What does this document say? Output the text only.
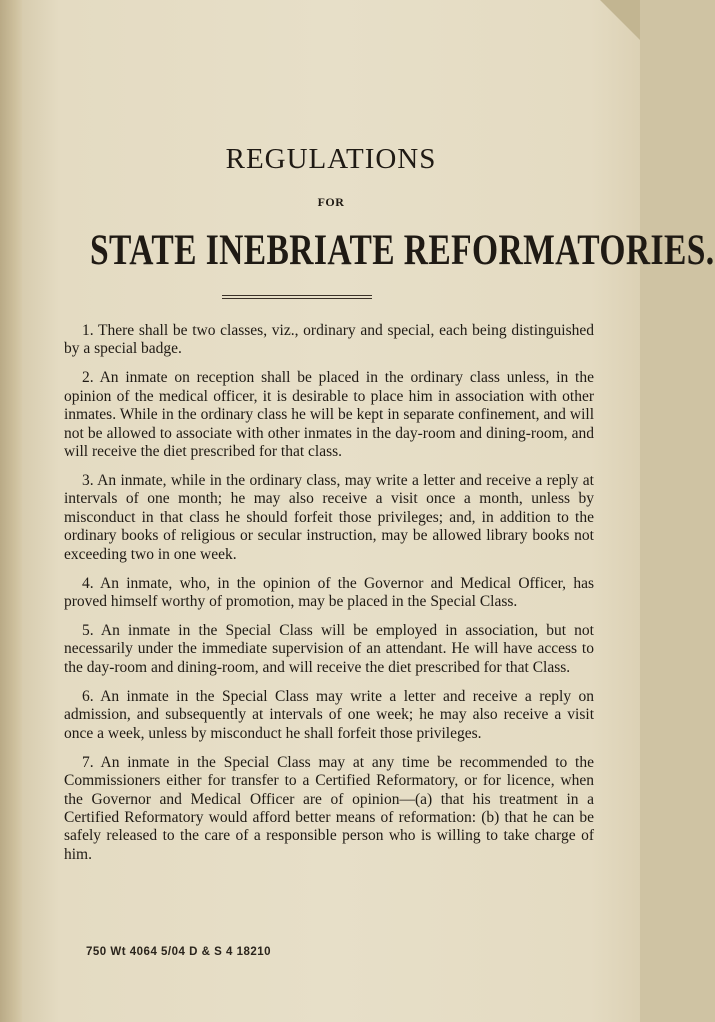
REGULATIONS
FOR
STATE INEBRIATE REFORMATORIES.

1. There shall be two classes, viz., ordinary and special, each being distinguished by a special badge.

2. An inmate on reception shall be placed in the ordinary class unless, in the opinion of the medical officer, it is desirable to place him in association with other inmates. While in the ordinary class he will be kept in separate confinement, and will not be allowed to associate with other inmates in the day-room and dining-room, and will receive the diet prescribed for that class.

3. An inmate, while in the ordinary class, may write a letter and receive a reply at intervals of one month; he may also receive a visit once a month, unless by misconduct in that class he should forfeit those privileges; and, in addition to the ordinary books of religious or secular instruction, may be allowed library books not exceeding two in one week.

4. An inmate, who, in the opinion of the Governor and Medical Officer, has proved himself worthy of promotion, may be placed in the Special Class.

5. An inmate in the Special Class will be employed in association, but not necessarily under the immediate supervision of an attendant. He will have access to the day-room and dining-room, and will receive the diet prescribed for that Class.

6. An inmate in the Special Class may write a letter and receive a reply on admission, and subsequently at intervals of one week; he may also receive a visit once a week, unless by misconduct he shall forfeit those privileges.

7. An inmate in the Special Class may at any time be recommended to the Commissioners either for transfer to a Certified Reformatory, or for licence, when the Governor and Medical Officer are of opinion—(a) that his treatment in a Certified Reformatory would afford better means of reformation: (b) that he can be safely released to the care of a responsible person who is willing to take charge of him.

750 Wt 4064 5/04 D & S 4 18210
